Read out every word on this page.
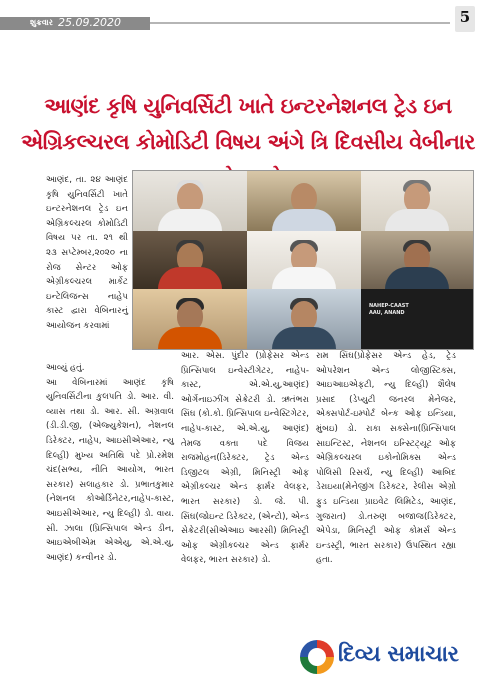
શુક્રવાર 25.09.2020	5
આણંદ કૃષિ યુનિવર્સિટી ખાતે ઇન્ટરનેશનલ ટ્રેડ ઇન એગ્રિકલ્ચરલ કોમોડિટી વિષય અંગે ત્રિ દિવસીય વેબીનાર
NAHEP-CAAST
AAU, ANAND
આણંદ, તા. ૨૪ આણંદ કૃષિ યુનિવર્સિટી ખાતે ઇન્ટરનેશનલ ટ્રેડ ઇન એગ્રિકલ્ચરલ કોમોડિટી વિષય પર તા. ૨૧ થી ૨૩ સપ્ટેમ્બર,૨૦૨૦ ના રોજ સેન્ટર ઓફ એગ્રીકલ્ચરલ માર્કેટ ઇન્ટેલિજન્સ નાહેપ કાસ્ટ દ્વારા વેબિનારનું આયોજન કરવામાં
આવ્યું હતું.
આ વેબિનારમાં આણંદ કૃષિ યુનિવર્સિટીના કુલપતિ ડો. આર. વી. વ્યાસ તથા ડો. આર. સી. અગ્રવાલ (ડી.ડી.જી, (એજ્યુકેશન), નેશનલ ડિરેક્ટર, નાહેપ, આઇસીએઆર, ન્યુ દિલ્હી) મુખ્ય અતિથિ પદે પ્રો.રમેશ ચંદ(સભ્ય, નીતિ આયોગ, ભારત સરકાર) સલાહકાર ડો. પ્રભાતકુમાર (નેશનલ કોઓર્ડિનેટર,નાહેપ-કાસ્ટ, આઇસીએઆર, ન્યુ દિલ્હી) ડો. વાય. સી. ઝાલા (પ્રિન્સિપાલ એન્ડ ડીન, આઇએબીએમ એએયુ, એ.એ.યુ, આણંદ) કન્વીનર ડો.
આર. એસ. પુંદીર (પ્રોફેસર એન્ડ પ્રિન્સિપાલ ઇન્વેસ્ટીગેટર, નાહેપ-કાસ્ટ, એ.એ.યુ,આણંદ) ઓર્ગેનાઇઝીંગ સેક્રેટરી ડો. ઋતંભરા સિંઘ (કો.કો. પ્રિન્સિપાલ ઇન્વેસ્ટિગેટર, નાહેપ-કાસ્ટ, એ.એ.યુ, આણંદ) તેમજ વક્તા પદે વિજય રાજમોહન(ડિરેક્ટર, ટ્રેડ એન્ડ ડિજીટલ એગ્રી, મિનિસ્ટ્રી ઓફ એગ્રીકલ્ચર એન્ડ ફાર્મર વેલફર, ભારત સરકાર) ડો. જે. પી. સિંઘ(જોઇન્ટ ડિરેક્ટર, (એન્ટો), એન્ડ સેક્રેટરી(સીએઆઇ આરસી) મિનિસ્ટ્રી ઓફ એગ્રીકલ્ચર એન્ડ ફાર્મર વેલફર, ભારત સરકાર) ડો.
રામ સિંઘ(પ્રોફેસર એન્ડ હેડ, ટ્રેડ ઓપરેશન એન્ડ લોજીસ્ટિક્સ, આઇઆઇએફટી, ન્યુ દિલ્હી) શૈલેષ પ્રસાદ (ડેપ્યુટી જનરલ મેનેજર, એક્સપોર્ટ-ઇમ્પોર્ટ બેન્ક ઓફ ઇન્ડિયા, મુંબઇ) ડો. રાકા સક્સેના(પ્રિન્સિપાલ સાઇન્ટિસ્ટ, નેશનલ ઇન્સ્ટિટ્યૂટ ઓફ એગ્રિકલ્ચરલ ઇકોનોમિક્સ એન્ડ પોલિસી રિસર્ચ, ન્યુ દિલ્હી) આબિદ ડેરાઇયા(મેનેજીંગ ડિરેક્ટર, રેલીસ એગ્રો ફુડ ઇન્ડિયા પ્રાઇવેટ લિમિટેડ, આણંદ, ગુજરાત) ડો.તરુણ બજાજ(ડિરેક્ટર, એપેડા, મિનિસ્ટ્રી ઓફ કોમર્સ એન્ડ ઇન્ડસ્ટ્રી, ભારત સરકાર) ઉપસ્થિત રહ્યા હતા.
દિવ્ય સમાચાર
